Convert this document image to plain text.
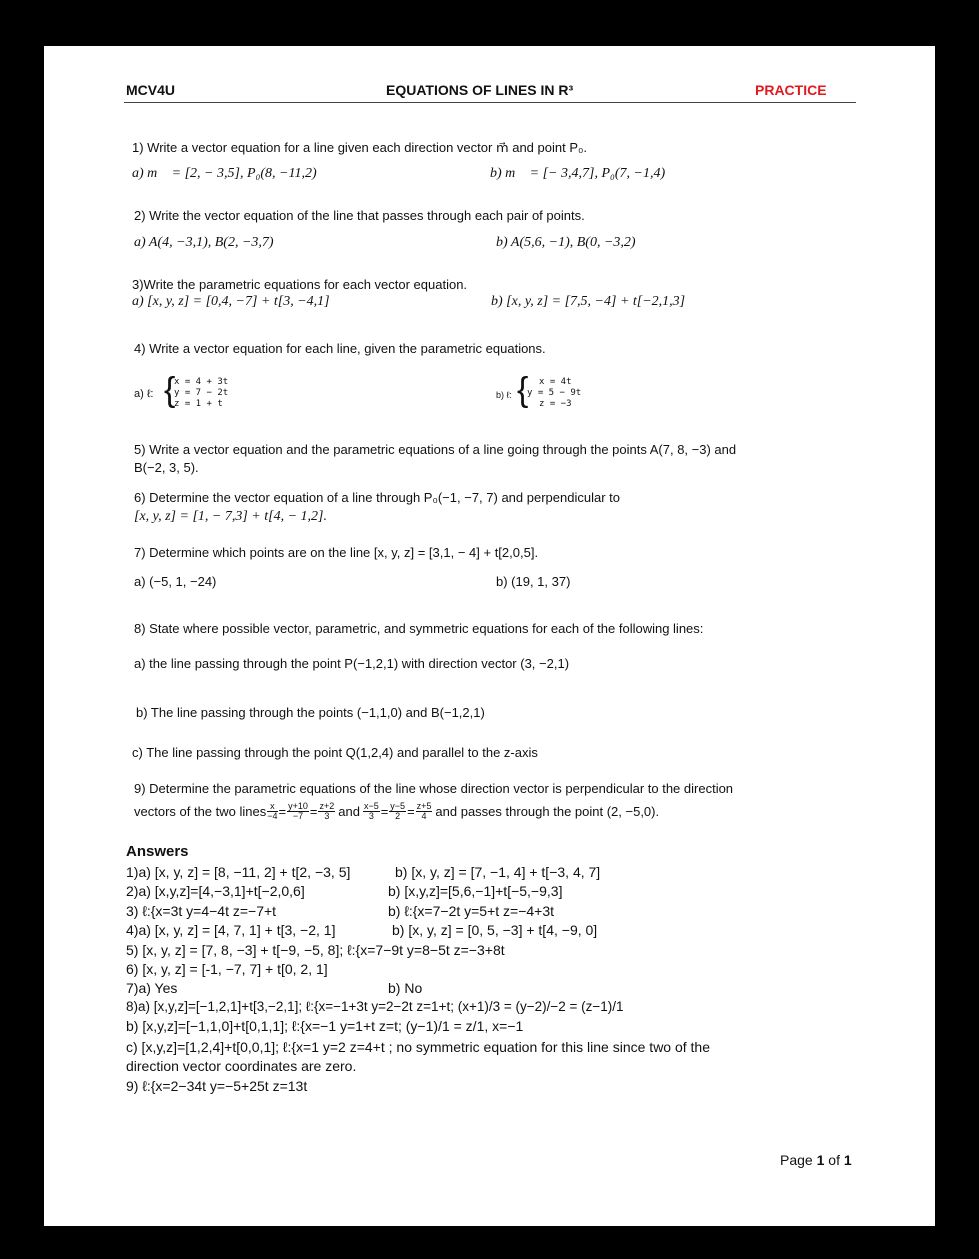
MCV4U	EQUATIONS OF LINES IN R³	PRACTICE
1) Write a vector equation for a line given each direction vector m⃗ and point P₀.
a) m⃗ = [2, − 3,5], P₀(8, −11,2)	b) m⃗ = [− 3,4,7], P₀(7, −1,4)
2) Write the vector equation of the line that passes through each pair of points.
a) A(4, −3,1), B(2, −3,7)	b) A(5,6, −1), B(0, −3,2)
3)Write the parametric equations for each vector equation.
a) [x, y, z] = [0,4, −7] + t[3, −4,1]	b) [x, y, z] = [7,5, −4] + t[−2,1,3]
4) Write a vector equation for each line, given the parametric equations.
a) ℓ: {
x = 4 + 3t
y = 7 − 2t
z = 1 + t
b) ℓ: {	x = 4t
y = 5 − 9t
z = −3
5) Write a vector equation and the parametric equations of a line going through the points A(7, 8, −3) and
B(−2, 3, 5).
6) Determine the vector equation of a line through P₀(−1, −7, 7) and perpendicular to
[x, y, z] = [1, − 7,3] + t[4, − 1,2].
7) Determine which points are on the line [x, y, z] = [3,1, − 4] + t[2,0,5].
a) (−5, 1, −24)	b) (19, 1, 37)
8) State where possible vector, parametric, and symmetric equations for each of the following lines:
a) the line passing through the point P(−1,2,1) with direction vector (3, −2,1)
b) The line passing through the points (−1,1,0) and B(−1,2,1)
c) The line passing through the point Q(1,2,4) and parallel to the z-axis
9) Determine the parametric equations of the line whose direction vector is perpendicular to the direction
vectors of the two lines $\frac{x}{-4} = \frac{y+10}{-7} = \frac{z+2}{3}$ and $\frac{x-5}{3} = \frac{y-5}{2} = \frac{z+5}{4}$ and passes through the point (2, −5,0).
Answers
1)a) [x, y, z] = [8, −11, 2] + t[2, −3, 5]	b) [x, y, z] = [7, −1, 4] + t[−3, 4, 7]
2)a) [x,y,z]=[4,−3,1]+t[−2,0,6]	b) [x,y,z]=[5,6,−1]+t[−5,−9,3]
3) ℓ:{x=3t y=4−4t z=−7+t	b) ℓ:{x=7−2t y=5+t z=−4+3t
4)a) [x, y, z] = [4, 7, 1] + t[3, −2, 1]	b) [x, y, z] = [0, 5, −3] + t[4, −9, 0]
5) [x, y, z] = [7, 8, −3] + t[−9, −5, 8]; ℓ:{x=7−9t y=8−5t z=−3+8t
6) [x, y, z] = [-1, −7, 7] + t[0, 2, 1]
7)a) Yes	b) No
8)a) [x,y,z]=[−1,2,1]+t[3,−2,1]; ℓ:{x=−1+3t y=2−2t z=1+t; (x+1)/3 = (y−2)/−2 = (z−1)/1
b) [x,y,z]=[−1,1,0]+t[0,1,1]; ℓ:{x=−1 y=1+t z=t; (y−1)/1 = z/1, x=−1
c) [x,y,z]=[1,2,4]+t[0,0,1]; ℓ:{x=1 y=2 z=4+t ; no symmetric equation for this line since two of the
direction vector coordinates are zero.
9) ℓ:{x=2−34t y=−5+25t z=13t
Page 1 of 1
